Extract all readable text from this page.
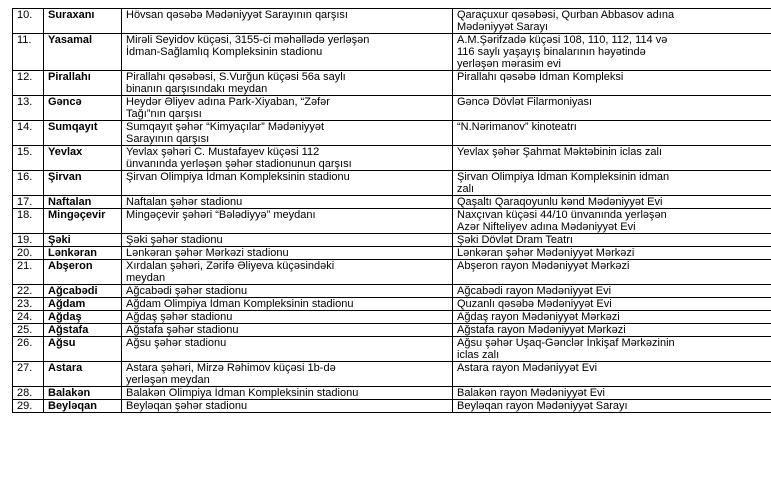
10.	Suraxanı	Hövsan qəsəbə Mədəniyyət Sarayının qarşısı	Qaraçuxur qəsəbəsi, Qurban Abbasov adına
Mədəniyyət Sarayı
11.	Yasamal	Mirəli Seyidov küçəsi, 3155-ci məhəllədə yerləşən
İdman-Sağlamlıq Kompleksinin stadionu	A.M.Şərifzadə küçəsi 108, 110, 112, 114 və
116 saylı yaşayış binalarının həyətində
yerləşən mərasim evi
12.	Pirallahı	Pirallahı qəsəbəsi, S.Vurğun küçəsi 56a saylı
binanın qarşısındakı meydan	Pirallahı qəsəbə İdman Kompleksi
13.	Gəncə	Heydər Əliyev adına Park-Xiyaban, “Zəfər
Tağı”nın qarşısı	Gəncə Dövlət Filarmoniyası
14.	Sumqayıt	Sumqayıt şəhər “Kimyaçılar” Mədəniyyət
Sarayının qarşısı	“N.Nərimanov” kinoteatrı
15.	Yevlax	Yevlax şəhəri C. Mustafayev küçəsi 112
ünvanında yerləşən şəhər stadionunun qarşısı	Yevlax şəhər Şahmat Məktəbinin iclas zalı
16.	Şirvan	Şirvan Olimpiya İdman Kompleksinin stadionu	Şirvan Olimpiya İdman Kompleksinin idman
zalı
17.	Naftalan	Naftalan şəhər stadionu	Qaşaltı Qaraqoyunlu kənd Mədəniyyət Evi
18.	Mingəçevir	Mingəçevir şəhəri “Bələdiyyə” meydanı	Naxçıvan küçəsi 44/10 ünvanında yerləşən
Azər Nifteliyev adına Mədəniyyət Evi
19.	Şəki	Şəki şəhər stadionu	Şəki Dövlət Dram Teatrı
20.	Lənkəran	Lənkəran şəhər Mərkəzi stadionu	Lənkəran şəhər Mədəniyyət Mərkəzi
21.	Abşeron	Xırdalan şəhəri, Zərifə Əliyeva küçəsindəki
meydan	Abşeron rayon Mədəniyyət Mərkəzi
22.	Ağcabədi	Ağcabədi şəhər stadionu	Ağcabədi rayon Mədəniyyət Evi
23.	Ağdam	Ağdam Olimpiya İdman Kompleksinin stadionu	Quzanlı qəsəbə Mədəniyyət Evi
24.	Ağdaş	Ağdaş şəhər stadionu	Ağdaş rayon Mədəniyyət Mərkəzi
25.	Ağstafa	Ağstafa şəhər stadionu	Ağstafa rayon Mədəniyyət Mərkəzi
26.	Ağsu	Ağsu şəhər stadionu	Ağsu şəhər Uşaq-Gənclər İnkişaf Mərkəzinin
iclas zalı
27.	Astara	Astara şəhəri, Mirzə Rəhimov küçəsi 1b-də
yerləşən meydan	Astara rayon Mədəniyyət Evi
28.	Balakən	Balakən Olimpiya İdman Kompleksinin stadionu	Balakən rayon Mədəniyyət Evi
29.	Beyləqan	Beyləqan şəhər stadionu	Beyləqan rayon Mədəniyyət Sarayı
